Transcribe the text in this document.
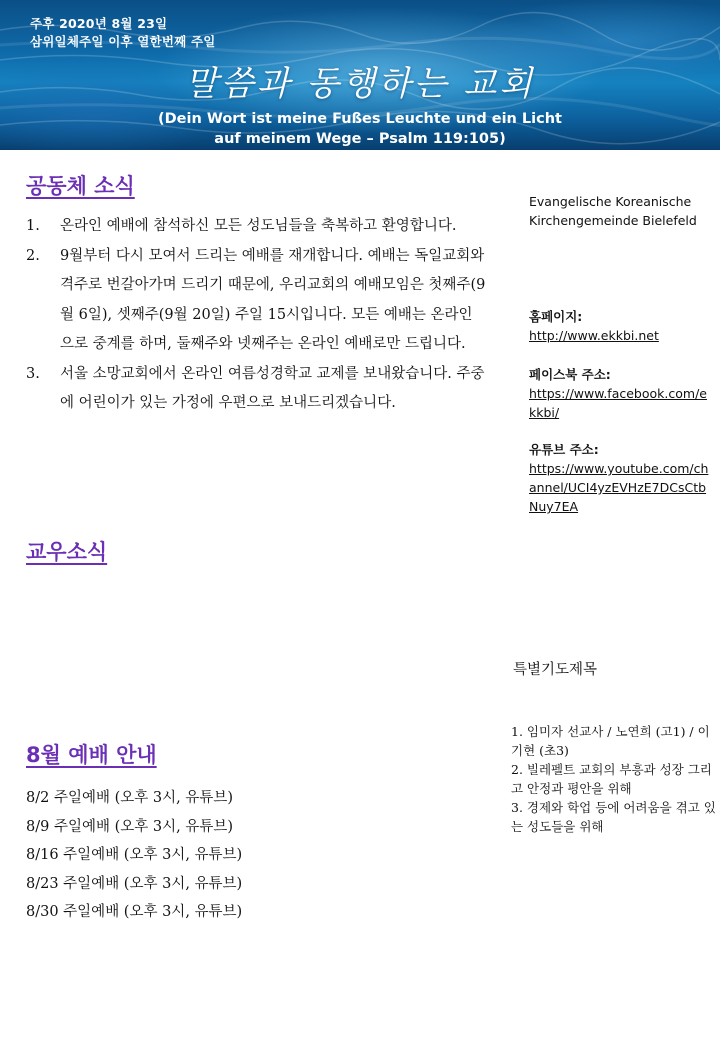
주후 2020년 8월 23일
삼위일체주일 이후 열한번째 주일
말씀과 동행하는 교회
(Dein Wort ist meine Fußes Leuchte und ein Licht auf meinem Wege – Psalm 119:105)
공동체 소식
1. 온라인 예배에 참석하신 모든 성도님들을 축복하고 환영합니다.
2. 9월부터 다시 모여서 드리는 예배를 재개합니다. 예배는 독일교회와 격주로 번갈아가며 드리기 때문에, 우리교회의 예배모임은 첫째주(9월 6일), 셋째주(9월 20일) 주일 15시입니다. 모든 예배는 온라인으로 중계를 하며, 둘째주와 넷째주는 온라인 예배로만 드립니다.
3. 서울 소망교회에서 온라인 여름성경학교 교제를 보내왔습니다. 주중에 어린이가 있는 가정에 우편으로 보내드리겠습니다.
교우소식
8월 예배 안내
8/2 주일예배 (오후 3시, 유튜브)
8/9 주일예배 (오후 3시, 유튜브)
8/16 주일예배 (오후 3시, 유튜브)
8/23 주일예배 (오후 3시, 유튜브)
8/30 주일예배 (오후 3시, 유튜브)
Evangelische Koreanische Kirchengemeinde Bielefeld
홈페이지:
http://www.ekkbi.net
페이스북 주소:
https://www.facebook.com/ekkbi/
유튜브 주소:
https://www.youtube.com/channel/UCI4yzEVHzE7DCsCtbNuy7EA
특별기도제목
1. 임미자 선교사 / 노연희 (고1) / 이기현 (초3)
2. 빌레펠트 교회의 부흥과 성장 그리고 안정과 평안을 위해
3. 경제와 학업 등에 어려움을 겪고 있는 성도들을 위해
